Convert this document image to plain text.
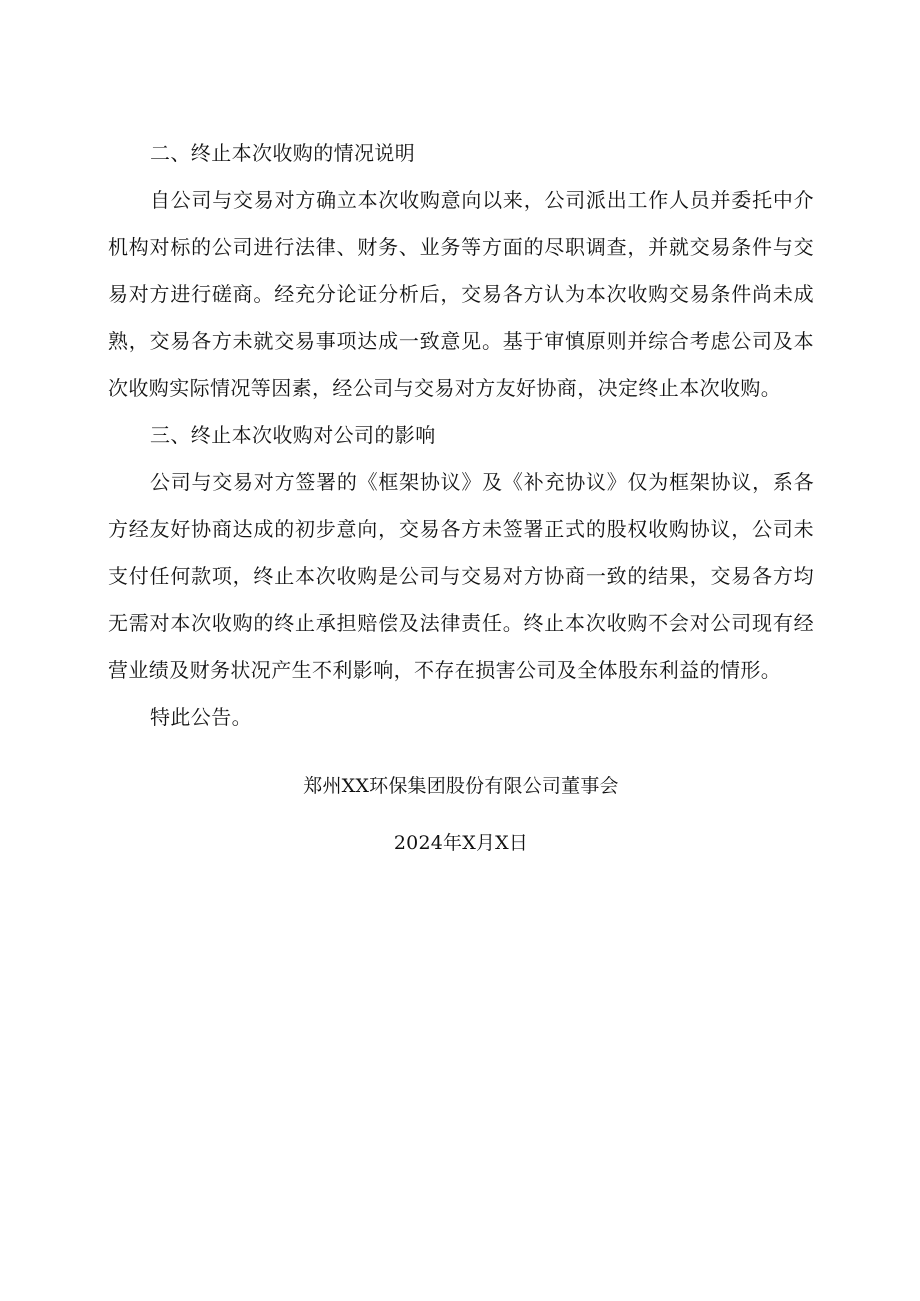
二、终止本次收购的情况说明

自公司与交易对方确立本次收购意向以来，公司派出工作人员并委托中介机构对标的公司进行法律、财务、业务等方面的尽职调查，并就交易条件与交易对方进行磋商。经充分论证分析后，交易各方认为本次收购交易条件尚未成熟，交易各方未就交易事项达成一致意见。基于审慎原则并综合考虑公司及本次收购实际情况等因素，经公司与交易对方友好协商，决定终止本次收购。

三、终止本次收购对公司的影响

公司与交易对方签署的《框架协议》及《补充协议》仅为框架协议，系各方经友好协商达成的初步意向，交易各方未签署正式的股权收购协议，公司未支付任何款项，终止本次收购是公司与交易对方协商一致的结果，交易各方均无需对本次收购的终止承担赔偿及法律责任。终止本次收购不会对公司现有经营业绩及财务状况产生不利影响，不存在损害公司及全体股东利益的情形。

特此公告。

郑州XX环保集团股份有限公司董事会
2024年X月X日
